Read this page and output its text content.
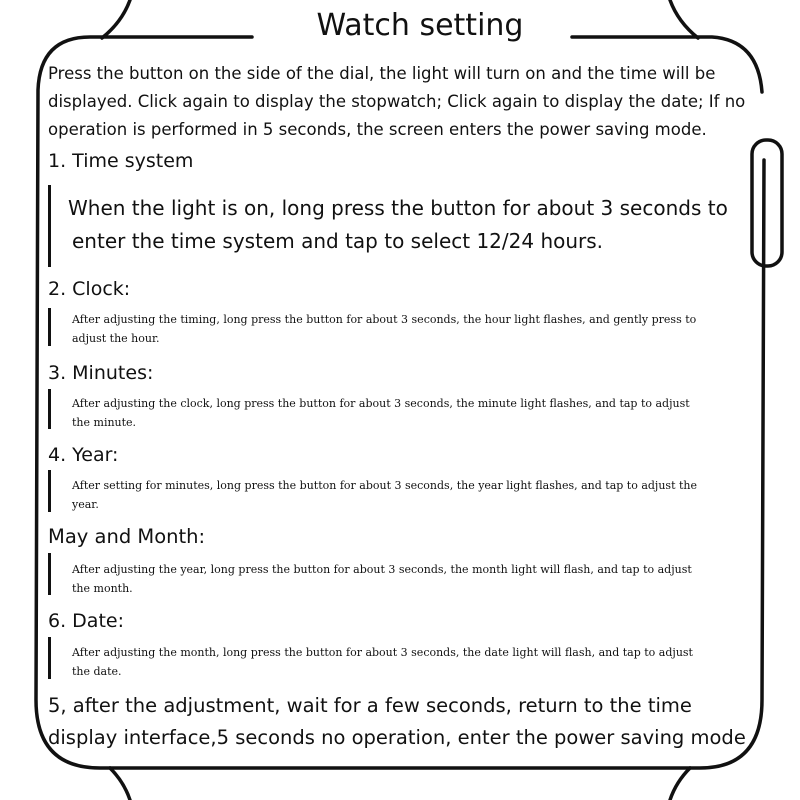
Watch setting
Press the button on the side of the dial, the light will turn on and the time will be
displayed. Click again to display the stopwatch; Click again to display the date; If no
operation is performed in 5 seconds, the screen enters the power saving mode.
1. Time system
When the light is on, long press the button for about 3 seconds to
enter the time system and tap to select 12/24 hours.
2. Clock:
After adjusting the timing, long press the button for about 3 seconds, the hour light flashes, and gently press to
adjust the hour.
3. Minutes:
After adjusting the clock, long press the button for about 3 seconds, the minute light flashes, and tap to adjust
the minute.
4. Year:
After setting for minutes, long press the button for about 3 seconds, the year light flashes, and tap to adjust the
year.
May and Month:
After adjusting the year, long press the button for about 3 seconds, the month light will flash, and tap to adjust
the month.
6. Date:
After adjusting the month, long press the button for about 3 seconds, the date light will flash, and tap to adjust
the date.
5, after the adjustment, wait for a few seconds, return to the time
display interface,5 seconds no operation, enter the power saving mode
